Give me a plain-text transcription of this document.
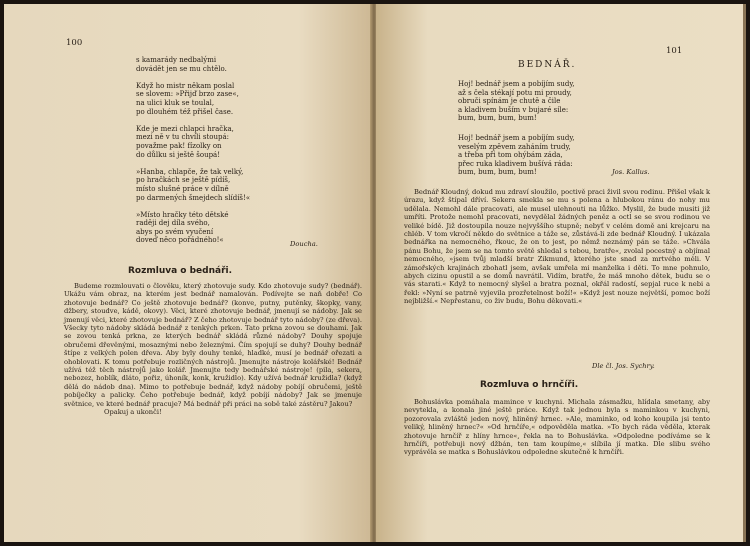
100
s kamarády nedbalými
dovádět jen se mu chtělo.

Když ho mistr někam poslal
se slovem: »Přijď brzo zase«,
na ulici kluk se toulal,
po dlouhém též přišel čase.

Kde je mezi chlapci hračka,
mezi ně v tu chvíli stoupá:
považme pak! fízolky on
do důlku si ještě šoupá!

»Hanba, chlapče, že tak velký,
po hračkách se ještě pídíš,
místo slušné práce v dílně
po darmených šmejdech slídíš!«

»Místo hračky této dětské
raději dej díla svého,
abys po svém vyučení
doveď něco pořádného!«	Doucha.
Rozmluva o bednáři.

Budeme rozmlouvati o člověku, který zhotovuje sudy. Kdo zhotovuje sudy? (bednář). Ukážu vám obraz, na kterém jest bednář namalován. Podívejte se naň dobře! Co zhotovuje bednář? Co ještě zhotovuje bednář? (konve, putny, putěnky, škopky, vany, džbery, stoudve, kádě, okovy). Věci, které zhotovuje bednář, jmenují se nádoby. Jak se jmenují věci, které zhotovuje bednář? Z čeho zhotovuje bednář tyto nádoby? (ze dřeva). Všecky tyto nádoby skládá bednář z tenkých prken. Tato prkna zovou se douhami. Jak se zovou tenká prkna, ze kterých bednář skládá různé nádoby? Douhy spojuje obručemi dřevěnými, mosaznými nebo železnými. Čím spojují se duhy? Douhy bednář štípe z velkých polen dřeva. Aby byly douhy tenké, hladké, musí je bednář ořezati a ohoblovati. K tomu potřebuje rozličných nástrojů. Jmenujte nástroje kolářské! Bednář užívá též těch nástrojů jako kolář. Jmenujte tedy bednářské nástroje! (pila, sekera, nebozez, hoblík, dláto, pořiz, úhoník, konk, kružidlo). Kdy užívá bednář kružidla? (když dělá do nádob dna). Mimo to potřebuje bednář, když nádoby pobíjí obručemi, ještě pobíječky a palicky. Čeho potřebuje bednář, když pobíjí nádoby? Jak se jmenuje světnice, ve které bednář pracuje? Má bednář při práci na sobě také zástěru? Jakou?

Opakuj a ukonči!

101
BEDNÁŘ.
Hoj! bednář jsem a pobíjím sudy,
až s čela stékají potu mi proudy,
obruči spínám je chutě a čile
a kladivem buším v bujaré síle:
bum, bum, bum, bum!
Hoj! bednář jsem a pobíjím sudy,
veselým zpěvem zaháním trudy,
a třeba při tom ohýbám záda,
přec ruka kladivem bušívá ráda:
bum, bum, bum, bum!	Jos. Kallus.

Bednář Kloudný, dokud mu zdraví sloužilo, poctivě praci živil svou rodinu. Přišel však k úrazu, když štípal dříví. Sekera smekla se mu s polena a hlubokou ránu do nohy mu udělala. Nemohl dále pracovati, ale musel ulehnouti na lůžko. Myslil, že bude musiti již umříti. Protože nemohl pracovati, nevydělal žádných peněz a octl se se svou rodinou ve veliké bídě. Již dostoupila nouze nejvyššího stupně; nebyť v celém domě ani krejcaru na chléb. V tom vkročí někdo do světnice a táže se, zůstává-li zde bednář Kloudný. I ukázala bednářka na nemocného, řkouc, že on to jest, po němž neznámý pán se táže. »Chvála pánu Bohu, že jsem se na tomto světě shledal s tebou, bratře«, zvolal pocestný a objímal nemocného, »jsem tvůj mladší bratr Zikmund, kterého jste snad za mrtvého měli. V zámořských krajinách zbohatl jsem, avšak umřela mi manželka i děti. To mne pohnulo, abych cizinu opustil a se domů navrátil. Vidím, bratře, že máš mnoho dětek, budu se o vás starati.« Když to nemocný slyšel a bratra poznal, okřál radostí, sepjal ruce k nebi a řekl: »Nyní se patrně vyjevila prozřetelnost boží!« »Když jest nouze největší, pomoc boží nejbližší.« Nepřestanu, co živ budu, Bohu děkovati.«

Dle čl. Jos. Sychry.
Rozmluva o hrnčíři.

Bohuslávka pomáhala mamince v kuchyni. Michala zásmažku, hlídala smetany, aby nevytekla, a konala jiné ještě práce. Když tak jednou byla s maminkou v kuchyni, pozorovala zvláště jeden nový, hliněný hrnec. »Ale, maminko, od koho koupila jsi tento veliký, hliněný hrnec?« »Od hrnčíře,« odpověděla matka. »To bych ráda věděla, kterak zhotovuje hrnčíř z hlíny hrnce«, řekla na to Bohuslávka. »Odpoledne podíváme se k hrnčíři, potřebuji nový džbán, ten tam koupíme,« slíbila jí matka. Dle slibu svého vyprávěla se matka s Bohuslávkou odpoledne skutečně k hrnčíři.
